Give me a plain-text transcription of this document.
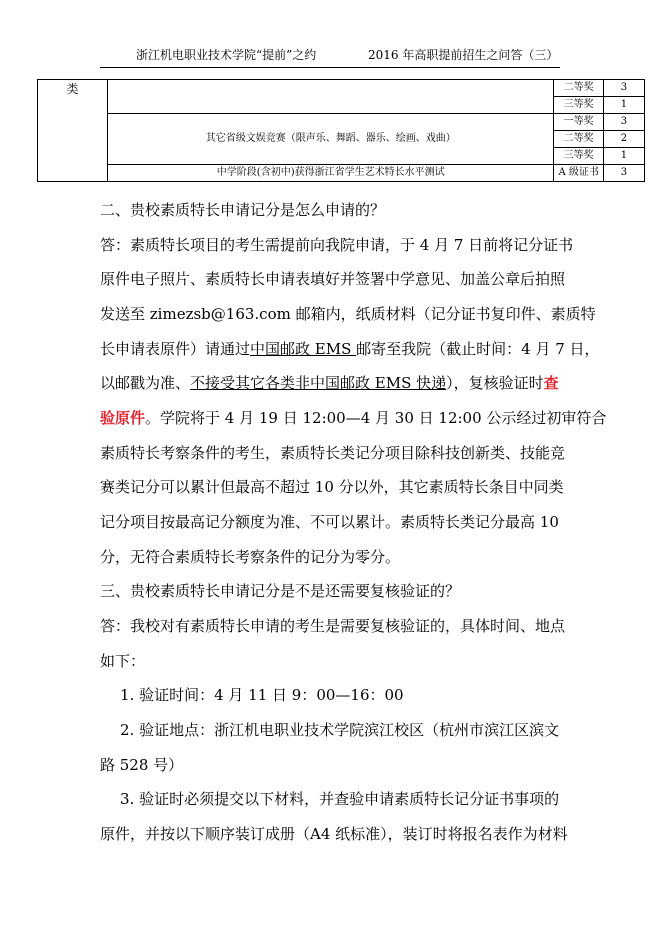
浙江机电职业技术学院“提前”之约	2016 年高职提前招生之问答（三）
类		二等奖	3
		三等奖	1
	其它省级文娱竞赛（限声乐、舞蹈、器乐、绘画、戏曲）	一等奖	3
		二等奖	2
		三等奖	1
	中学阶段(含初中)获得浙江省学生艺术特长水平测试	A 级证书	3
二、贵校素质特长申请记分是怎么申请的？
答：素质特长项目的考生需提前向我院申请，于 4 月 7 日前将记分证书
原件电子照片、素质特长申请表填好并签署中学意见、加盖公章后拍照
发送至 zimezsb@163.com 邮箱内，纸质材料（记分证书复印件、素质特
长申请表原件）请通过中国邮政 EMS 邮寄至我院（截止时间：4 月 7 日，
以邮戳为准、不接受其它各类非中国邮政 EMS 快递），复核验证时查
验原件。学院将于 4 月 19 日 12:00—4 月 30 日 12:00 公示经过初审符合
素质特长考察条件的考生，素质特长类记分项目除科技创新类、技能竞
赛类记分可以累计但最高不超过 10 分以外，其它素质特长条目中同类
记分项目按最高记分额度为准、不可以累计。素质特长类记分最高 10
分，无符合素质特长考察条件的记分为零分。
三、贵校素质特长申请记分是不是还需要复核验证的？
答：我校对有素质特长申请的考生是需要复核验证的，具体时间、地点
如下：
1. 验证时间：4 月 11 日 9：00—16：00
2. 验证地点：浙江机电职业技术学院滨江校区（杭州市滨江区滨文
路 528 号）
3. 验证时必须提交以下材料，并查验申请素质特长记分证书事项的
原件，并按以下顺序装订成册（A4 纸标准），装订时将报名表作为材料
